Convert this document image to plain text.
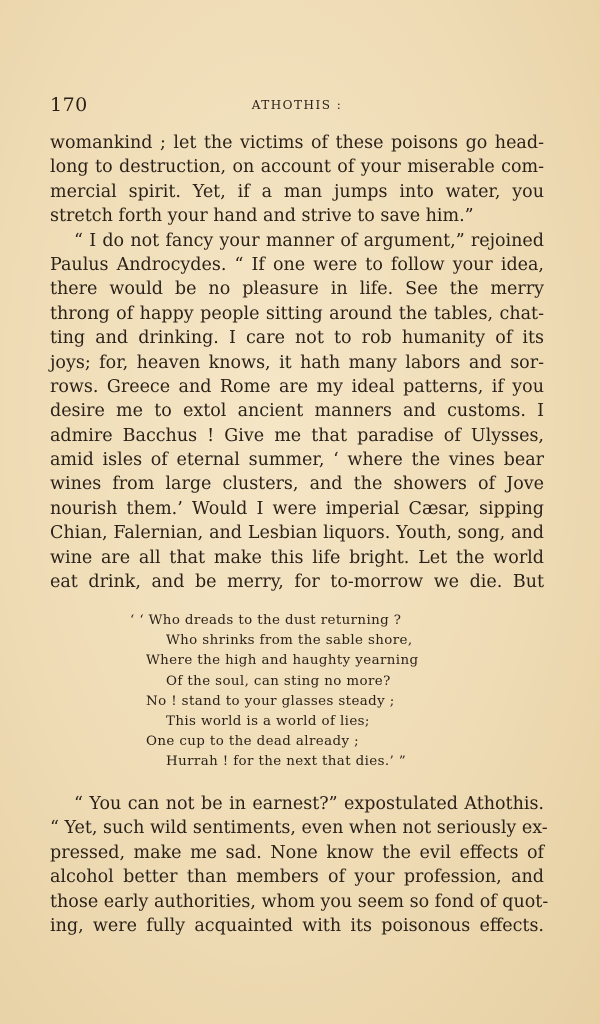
170	ATHOTHIS :
womankind ; let the victims of these poisons go head-
long to destruction, on account of your miserable com-
mercial spirit. Yet, if a man jumps into water, you
stretch forth your hand and strive to save him.”
“ I do not fancy your manner of argument,” rejoined
Paulus Androcydes. “ If one were to follow your idea,
there would be no pleasure in life. See the merry
throng of happy people sitting around the tables, chat-
ting and drinking. I care not to rob humanity of its
joys; for, heaven knows, it hath many labors and sor-
rows. Greece and Rome are my ideal patterns, if you
desire me to extol ancient manners and customs. I
admire Bacchus ! Give me that paradise of Ulysses,
amid isles of eternal summer, ‘ where the vines bear
wines from large clusters, and the showers of Jove
nourish them.’ Would I were imperial Cæsar, sipping
Chian, Falernian, and Lesbian liquors. Youth, song, and
wine are all that make this life bright. Let the world
eat drink, and be merry, for to-morrow we die. But
‘ ‘ Who dreads to the dust returning ?
Who shrinks from the sable shore,
Where the high and haughty yearning
Of the soul, can sting no more?
No ! stand to your glasses steady ;
This world is a world of lies;
One cup to the dead already ;
Hurrah ! for the next that dies.’ ”
“ You can not be in earnest?” expostulated Athothis.
“ Yet, such wild sentiments, even when not seriously ex-
pressed, make me sad. None know the evil effects of
alcohol better than members of your profession, and
those early authorities, whom you seem so fond of quot-
ing, were fully acquainted with its poisonous effects.
